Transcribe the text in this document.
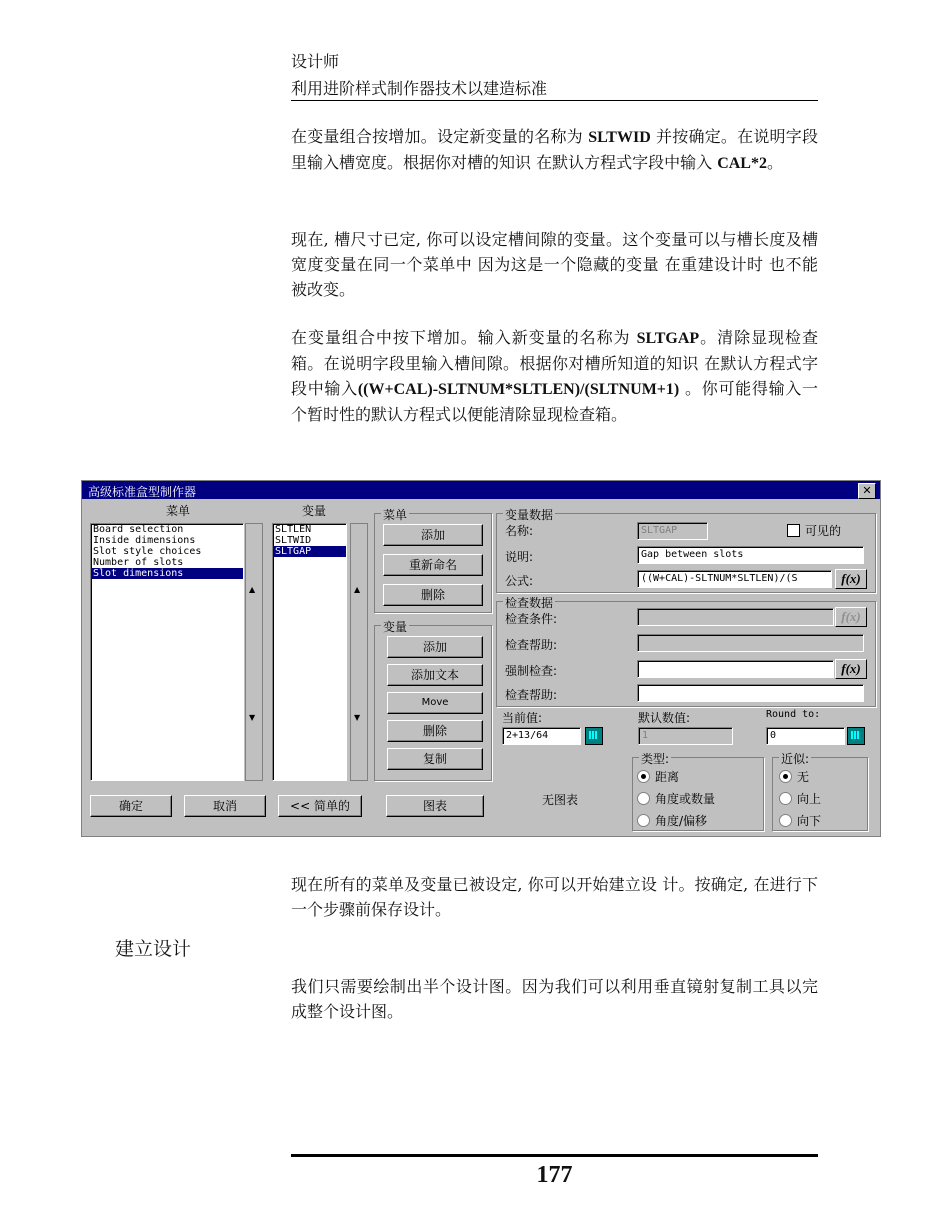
设计师
利用进阶样式制作器技术以建造标准

在变量组合按增加。设定新变量的名称为 SLTWID 并按确定。在说明字段里输入槽宽度。根据你对槽的知识 在默认方程式字段中输入 CAL*2。

现在, 槽尺寸已定, 你可以设定槽间隙的变量。这个变量可以与槽长度及槽宽度变量在同一个菜单中 因为这是一个隐藏的变量 在重建设计时 也不能被改变。

在变量组合中按下增加。输入新变量的名称为 SLTGAP。清除显现检查箱。在说明字段里输入槽间隙。根据你对槽所知道的知识 在默认方程式字段中输入((W+CAL)-SLTNUM*SLTLEN)/(SLTNUM+1) 。你可能得输入一个暂时性的默认方程式以便能清除显现检查箱。

高级标准盒型制作器	✕
菜单	变量
Board selection
Inside dimensions
Slot style choices
Number of slots
Slot dimensions
▲
▼
SLTLEN
SLTWID
SLTGAP
▲
▼
菜单
添加
重新命名
删除
变量
添加
添加文本
Move
删除
复制
变量数据
名称:	SLTGAP	可见的
说明:	Gap between slots
公式:	((W+CAL)-SLTNUM*SLTLEN)/(S	f(x)
检查数据
检查条件:	f(x)
检查帮助:
强制检查:	f(x)
检查帮助:
当前值:
2+13/64
默认数值:
1
Round to:
0
类型:
距离
角度或数量
角度/偏移
近似:
无
向上
向下
无图表
确定	取消	<< 简单的	图表

现在所有的菜单及变量已被设定, 你可以开始建立设 计。按确定, 在进行下一个步骤前保存设计。

建立设计

我们只需要绘制出半个设计图。因为我们可以利用垂直镜射复制工具以完成整个设计图。

177
